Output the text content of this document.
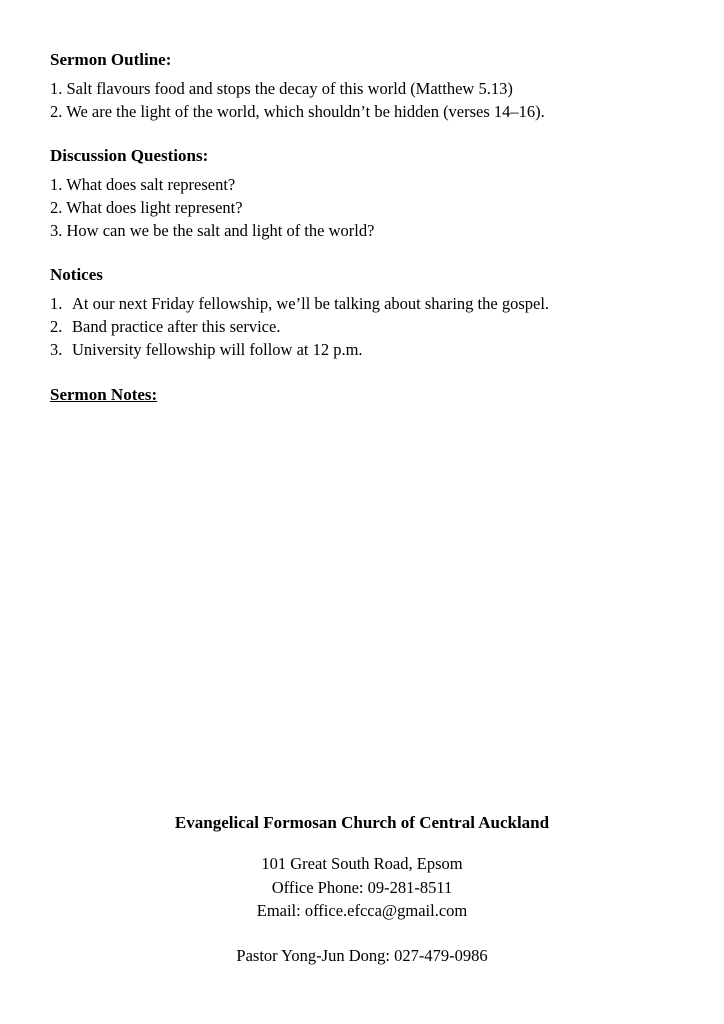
Sermon Outline:
1. Salt flavours food and stops the decay of this world (Matthew 5.13)
2. We are the light of the world, which shouldn’t be hidden (verses 14–16).
Discussion Questions:
1. What does salt represent?
2. What does light represent?
3. How can we be the salt and light of the world?
Notices
1. At our next Friday fellowship, we’ll be talking about sharing the gospel.
2. Band practice after this service.
3. University fellowship will follow at 12 p.m.
Sermon Notes:
Evangelical Formosan Church of Central Auckland
101 Great South Road, Epsom
Office Phone: 09-281-8511
Email: office.efcca@gmail.com
Pastor Yong-Jun Dong: 027-479-0986
